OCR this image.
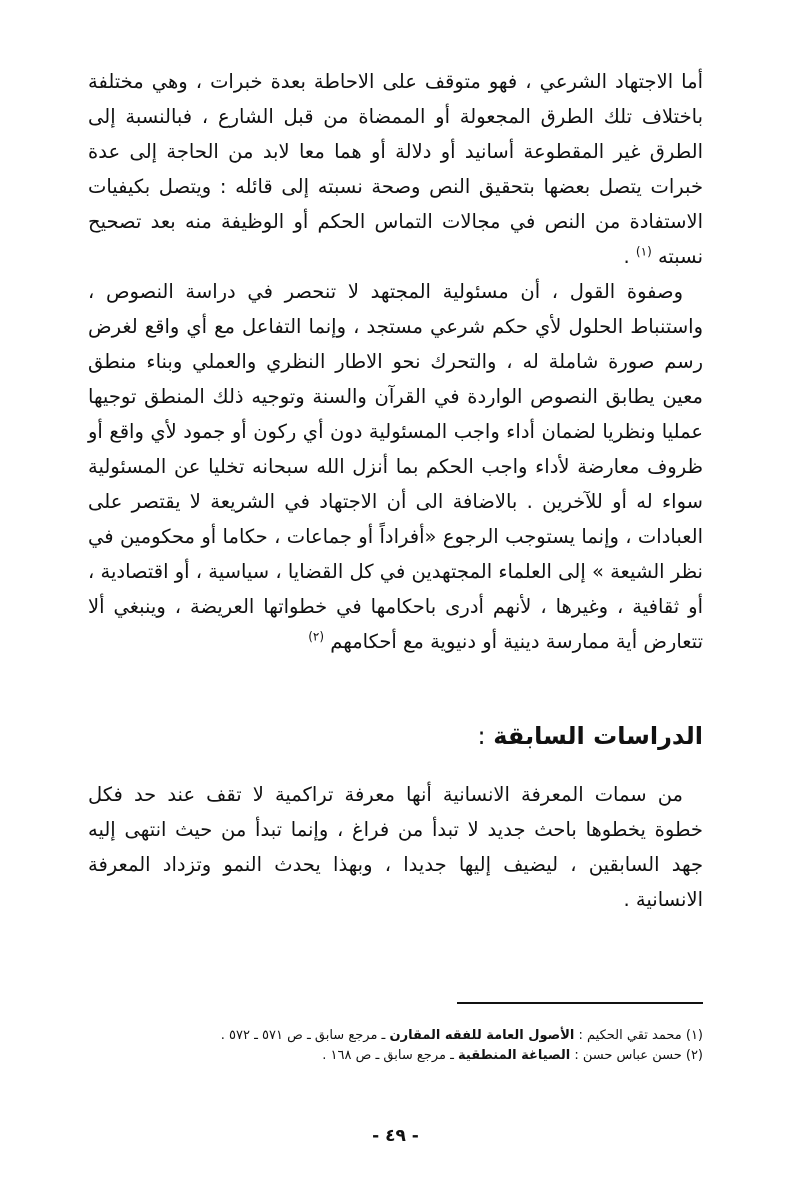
أما الاجتهاد الشرعي ، فهو متوقف على الاحاطة بعدة خبرات ، وهي مختلفة باختلاف تلك الطرق المجعولة أو الممضاة من قبل الشارع ، فبالنسبة إلى الطرق غير المقطوعة أسانيد أو دلالة أو هما معا لابد من الحاجة إلى عدة خبرات يتصل بعضها بتحقيق النص وصحة نسبته إلى قائله : ويتصل بكيفيات الاستفادة من النص في مجالات التماس الحكم أو الوظيفة منه بعد تصحيح نسبته $^{(١)}$ .

وصفوة القول ، أن مسئولية المجتهد لا تنحصر في دراسة النصوص ، واستنباط الحلول لأي حكم شرعي مستجد ، وإنما التفاعل مع أي واقع لغرض رسم صورة شاملة له ، والتحرك نحو الاطار النظري والعملي وبناء منطق معين يطابق النصوص الواردة في القرآن والسنة وتوجيه ذلك المنطق توجيها عمليا ونظريا لضمان أداء واجب المسئولية دون أي ركون أو جمود لأي واقع أو ظروف معارضة لأداء واجب الحكم بما أنزل الله سبحانه تخليا عن المسئولية سواء له أو للآخرين . بالاضافة الى أن الاجتهاد في الشريعة لا يقتصر على العبادات ، وإنما يستوجب الرجوع «أفراداً أو جماعات ، حكاما أو محكومين في نظر الشيعة » إلى العلماء المجتهدين في كل القضايا ، سياسية ، أو اقتصادية ، أو ثقافية ، وغيرها ، لأنهم أدرى باحكامها في خطواتها العريضة ، وينبغي ألا تتعارض أية ممارسة دينية أو دنيوية مع أحكامهم $^{(٢)}$

الدراسات السابقة :

من سمات المعرفة الانسانية أنها معرفة تراكمية لا تقف عند حد فكل خطوة يخطوها باحث جديد لا تبدأ من فراغ ، وإنما تبدأ من حيث انتهى إليه جهد السابقين ، ليضيف إليها جديدا ، وبهذا يحدث النمو وتزداد المعرفة الانسانية .

(١) محمد تقي الحكيم : الأصول العامة للفقه المقارن ـ مرجع سابق ـ ص ٥٧١ ـ ٥٧٢ .

(٢) حسن عباس حسن : الصياغة المنطقية ـ مرجع سابق ـ ص ١٦٨ .

- ٤٩ -
